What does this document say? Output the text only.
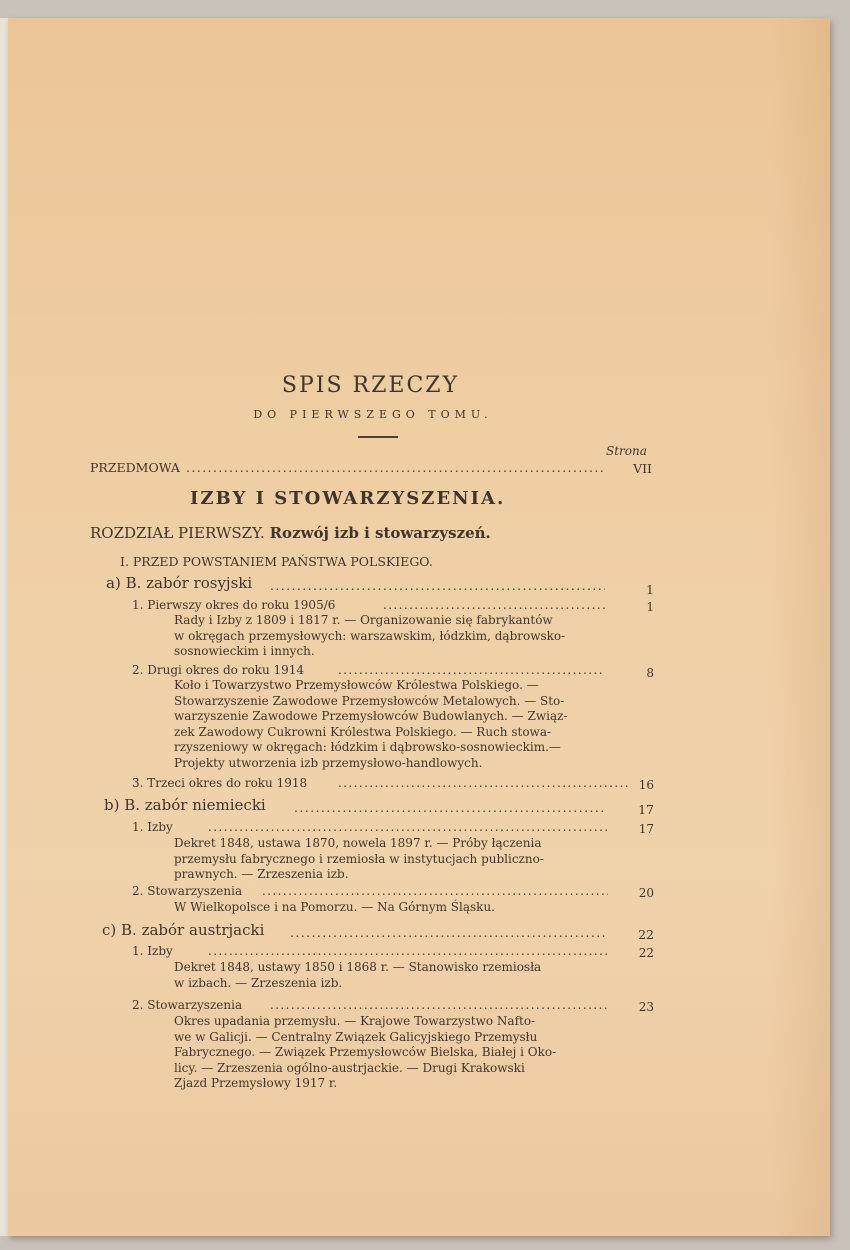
SPIS RZECZY
DO PIERWSZEGO TOMU.
Strona
PRZEDMOWA .....	VII
IZBY I STOWARZYSZENIA.
ROZDZIAŁ PIERWSZY. Rozwój izb i stowarzyszeń.
I. PRZED POWSTANIEM PAŃSTWA POLSKIEGO.
a) B. zabór rosyjski .....	1
1. Pierwszy okres do roku 1905/6 .....	1
Rady i Izby z 1809 i 1817 r. — Organizowanie się fabrykantów
w okręgach przemysłowych: warszawskim, łódzkim, dąbrowsko-
sosnowieckim i innych.
2. Drugi okres do roku 1914 .....	8
Koło i Towarzystwo Przemysłowców Królestwa Polskiego. —
Stowarzyszenie Zawodowe Przemysłowców Metalowych. — Sto-
warzyszenie Zawodowe Przemysłowców Budowlanych. — Związ-
zek Zawodowy Cukrowni Królestwa Polskiego. — Ruch stowa-
rzyszeniowy w okręgach: łódzkim i dąbrowsko-sosnowieckim.—
Projekty utworzenia izb przemysłowo-handlowych.
3. Trzeci okres do roku 1918 .....	16
b) B. zabór niemiecki .....	17
1. Izby .....	17
Dekret 1848, ustawa 1870, nowela 1897 r. — Próby łączenia
przemysłu fabrycznego i rzemiosła w instytucjach publiczno-
prawnych. — Zrzeszenia izb.
2. Stowarzyszenia .....	20
W Wielkopolsce i na Pomorzu. — Na Górnym Śląsku.
c) B. zabór austrjacki .....	22
1. Izby .....	22
Dekret 1848, ustawy 1850 i 1868 r. — Stanowisko rzemiosła
w izbach. — Zrzeszenia izb.
2. Stowarzyszenia .....	23
Okres upadania przemysłu. — Krajowe Towarzystwo Nafto-
we w Galicji. — Centralny Związek Galicyjskiego Przemysłu
Fabrycznego. — Związek Przemysłowców Bielska, Białej i Oko-
licy. — Zrzeszenia ogólno-austrjackie. — Drugi Krakowski
Zjazd Przemysłowy 1917 r.
